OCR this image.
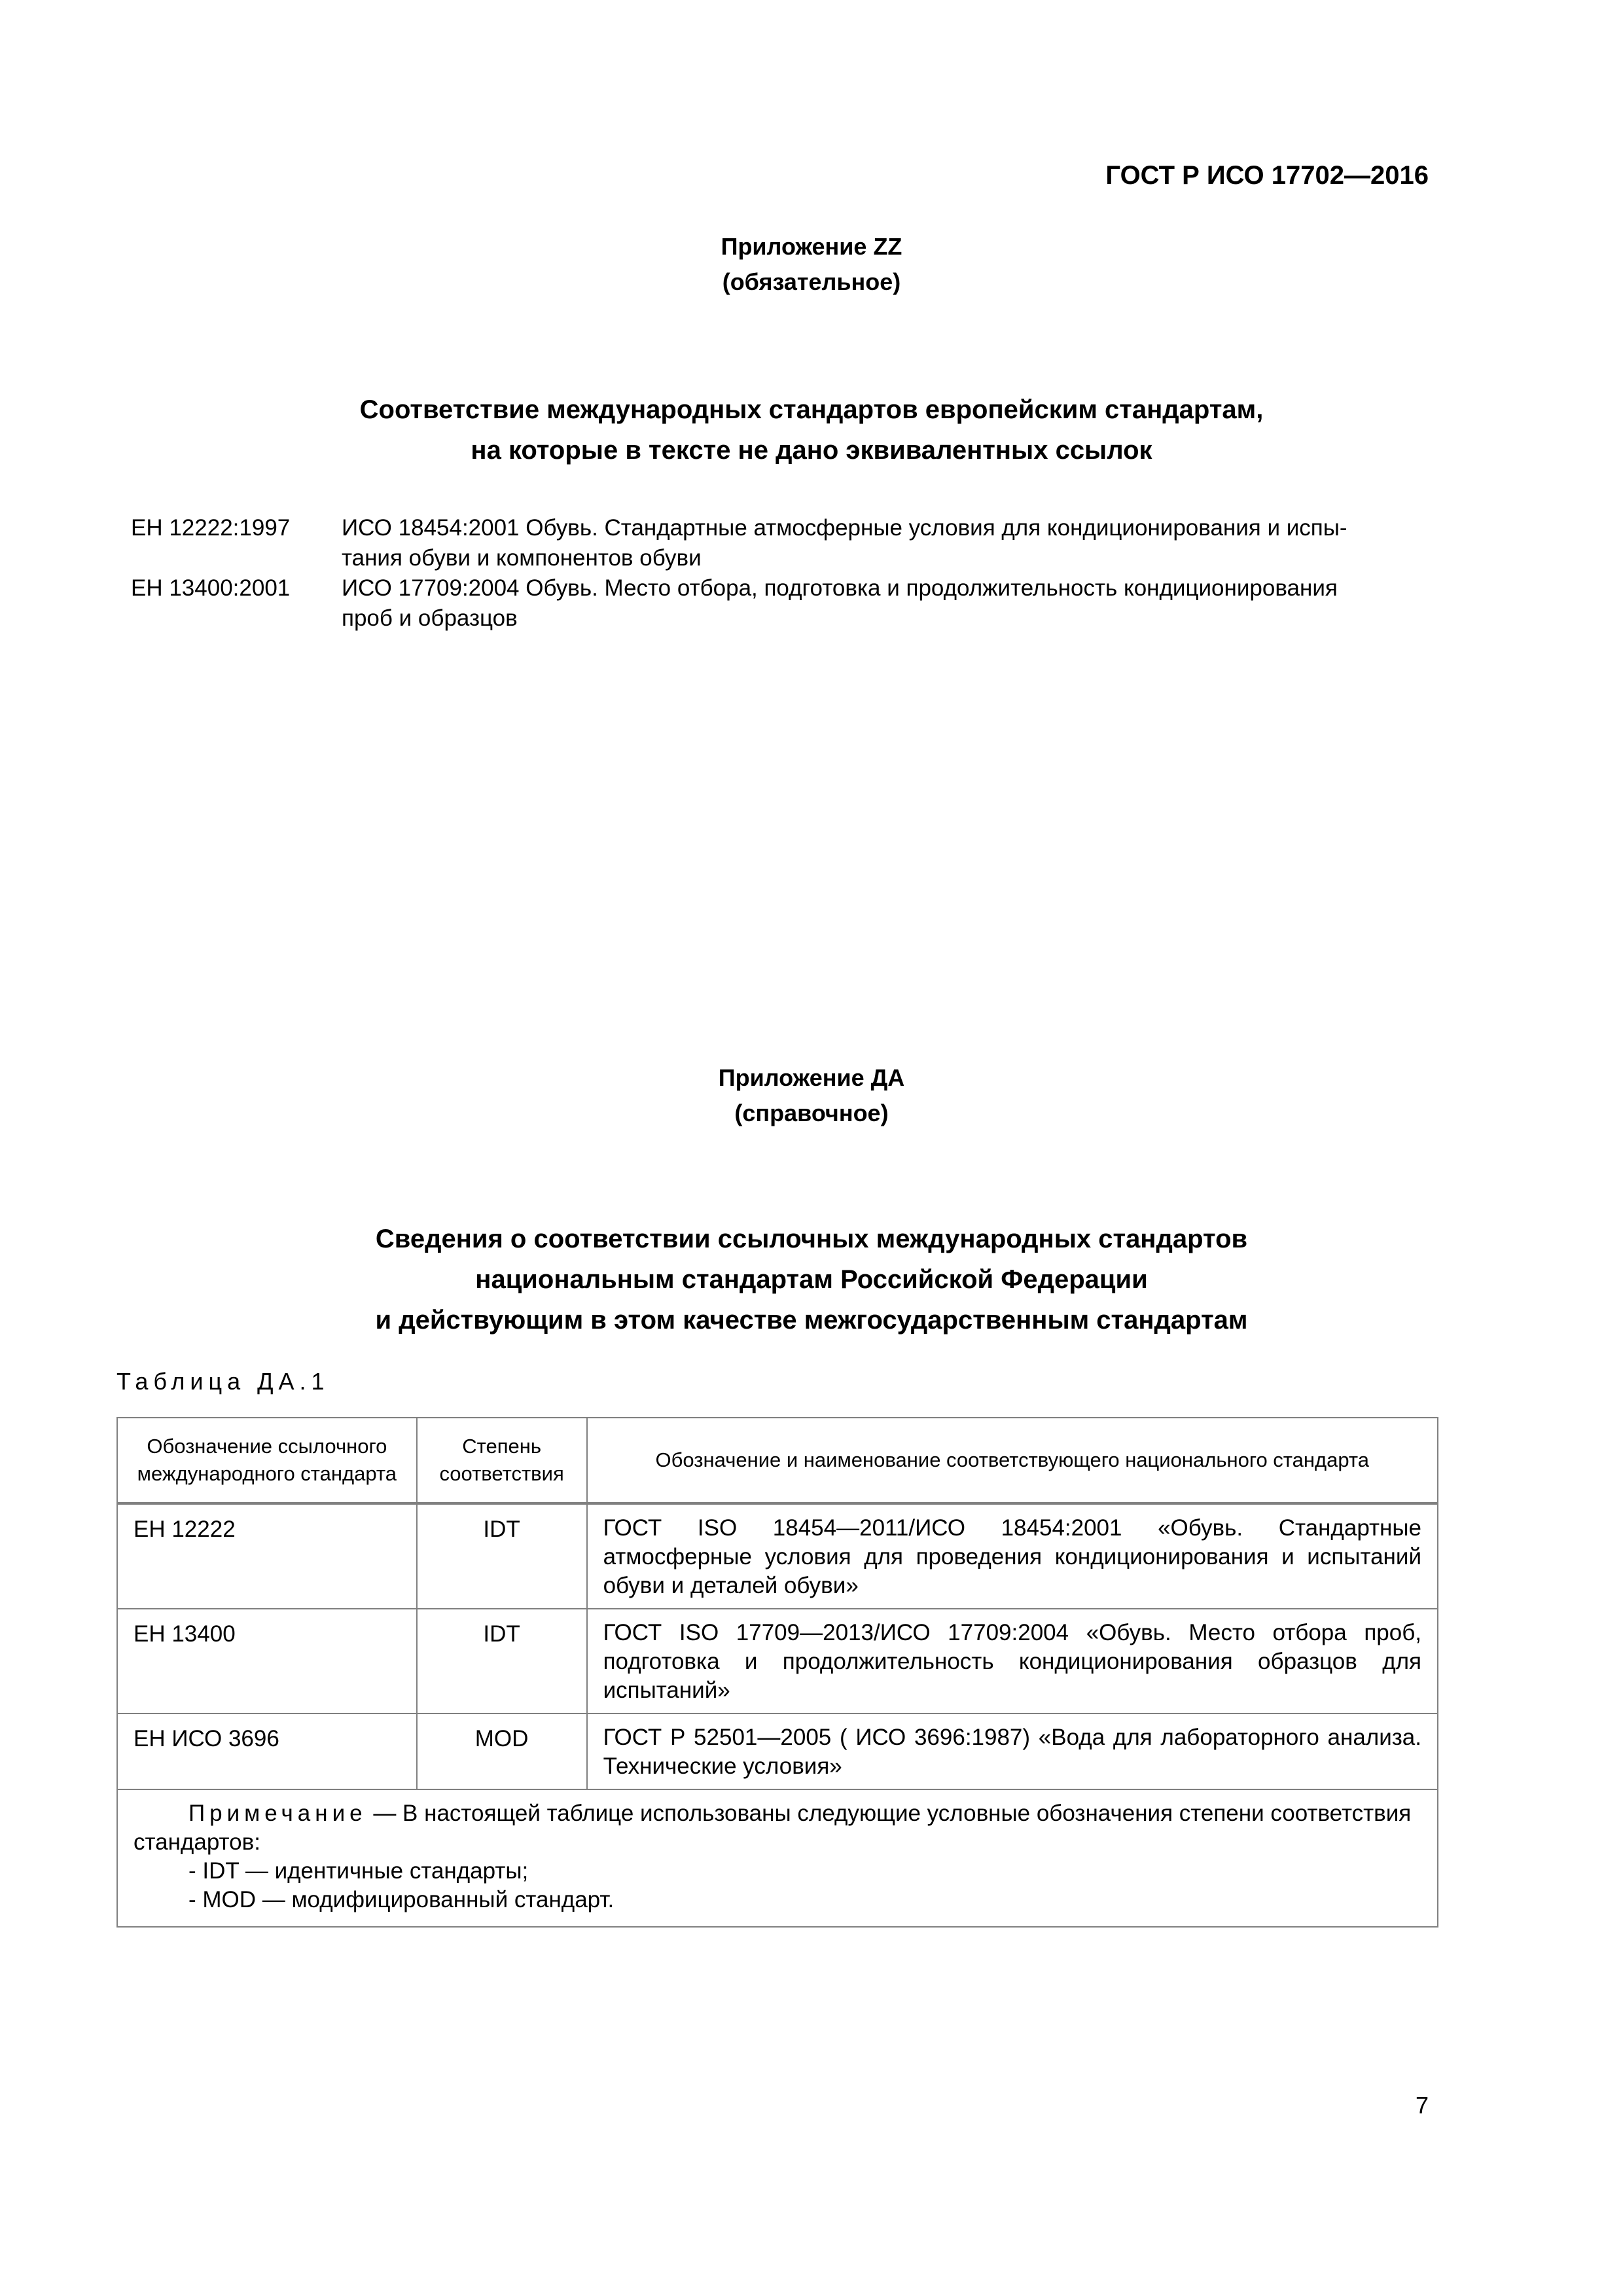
ГОСТ Р ИСО 17702—2016
Приложение ZZ
(обязательное)
Соответствие международных стандартов европейским стандартам,
на которые в тексте не дано эквивалентных ссылок
ЕН 12222:1997	ИСО 18454:2001 Обувь. Стандартные атмосферные условия для кондиционирования и испы-
тания обуви и компонентов обуви
ЕН 13400:2001	ИСО 17709:2004 Обувь. Место отбора, подготовка и продолжительность кондиционирования
проб и образцов
Приложение ДА
(справочное)
Сведения о соответствии ссылочных международных стандартов
национальным стандартам Российской Федерации
и действующим в этом качестве межгосударственным стандартам
Таблица ДА.1
Обозначение ссылочного международного стандарта	Степень соответствия	Обозначение и наименование соответствующего национального стандарта
ЕН 12222	IDT	ГОСТ ISO 18454—2011/ИСО 18454:2001 «Обувь. Стандартные атмосферные условия для проведения кондиционирования и испытаний обуви и деталей обуви»
ЕН 13400	IDT	ГОСТ ISO 17709—2013/ИСО 17709:2004 «Обувь. Место отбора проб, подготовка и продолжительность кондиционирования образцов для испытаний»
ЕН ИСО 3696	MOD	ГОСТ Р 52501—2005 ( ИСО 3696:1987) «Вода для лабораторного анализа. Технические условия»
Примечание — В настоящей таблице использованы следующие условные обозначения степени соответствия стандартов:
- IDT — идентичные стандарты;
- MOD — модифицированный стандарт.		
7
